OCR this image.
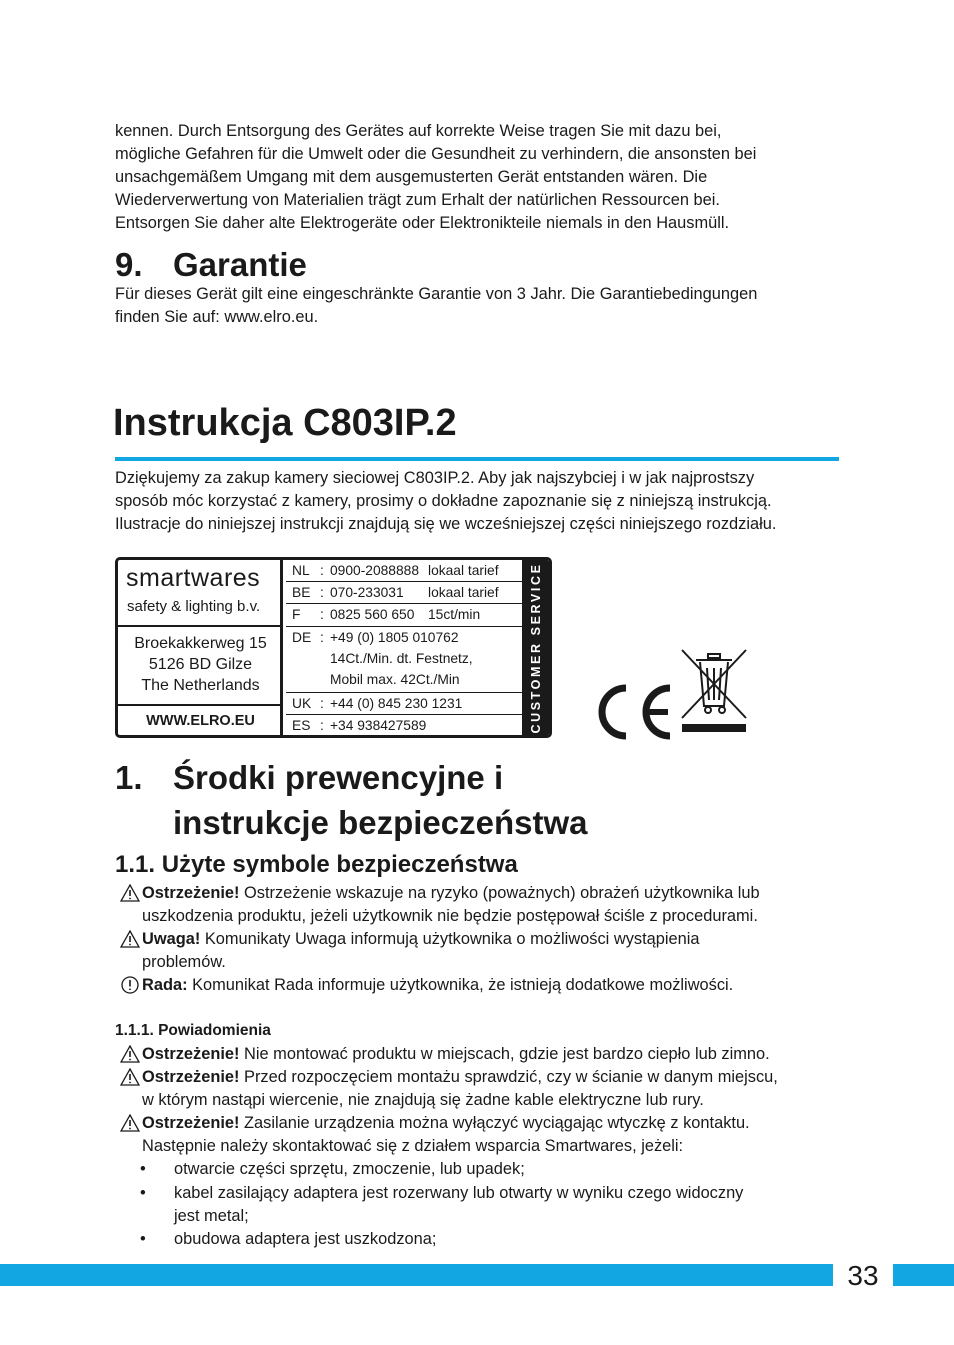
kennen. Durch Entsorgung des Gerätes auf korrekte Weise tragen Sie mit dazu bei,

mögliche Gefahren für die Umwelt oder die Gesundheit zu verhindern, die ansonsten bei

unsachgemäßem Umgang mit dem ausgemusterten Gerät entstanden wären. Die

Wiederverwertung von Materialien trägt zum Erhalt der natürlichen Ressourcen bei.

Entsorgen Sie daher alte Elektrogeräte oder Elektronikteile niemals in den Hausmüll.

9. Garantie

Für dieses Gerät gilt eine eingeschränkte Garantie von 3 Jahr. Die Garantiebedingungen

finden Sie auf: www.elro.eu.

Instrukcja C803IP.2

Dziękujemy za zakup kamery sieciowej C803IP.2. Aby jak najszybciej i w jak najprostszy

sposób móc korzystać z kamery, prosimy o dokładne zapoznanie się z niniejszą instrukcją.

Ilustracje do niniejszej instrukcji znajdują się we wcześniejszej części niniejszego rozdziału.

smartwares
safety & lighting b.v.
Broekakkerweg 15
5126 BD Gilze
The Netherlands
WWW.ELRO.EU
NL : 0900-2088888 lokaal tarief
BE : 070-233031 lokaal tarief
F : 0825 560 650 15ct/min
DE : +49 (0) 1805 010762
14Ct./Min. dt. Festnetz,
Mobil max. 42Ct./Min
UK : +44 (0) 845 230 1231
ES : +34 938427589	CUSTOMER SERVICE
1. Środki prewencyjne i
instrukcje bezpieczeństwa
1.1. Użyte symbole bezpieczeństwa
Ostrzeżenie! Ostrzeżenie wskazuje na ryzyko (poważnych) obrażeń użytkownika lub
uszkodzenia produktu, jeżeli użytkownik nie będzie postępował ściśle z procedurami.
Uwaga! Komunikaty Uwaga informują użytkownika o możliwości wystąpienia
problemów.
Rada: Komunikat Rada informuje użytkownika, że istnieją dodatkowe możliwości.
1.1.1. Powiadomienia
Ostrzeżenie! Nie montować produktu w miejscach, gdzie jest bardzo ciepło lub zimno.
Ostrzeżenie! Przed rozpoczęciem montażu sprawdzić, czy w ścianie w danym miejscu,
w którym nastąpi wiercenie, nie znajdują się żadne kable elektryczne lub rury.
Ostrzeżenie! Zasilanie urządzenia można wyłączyć wyciągając wtyczkę z kontaktu.
Następnie należy skontaktować się z działem wsparcia Smartwares, jeżeli:
• otwarcie części sprzętu, zmoczenie, lub upadek;
• kabel zasilający adaptera jest rozerwany lub otwarty w wyniku czego widoczny
jest metal;
• obudowa adaptera jest uszkodzona;
33
